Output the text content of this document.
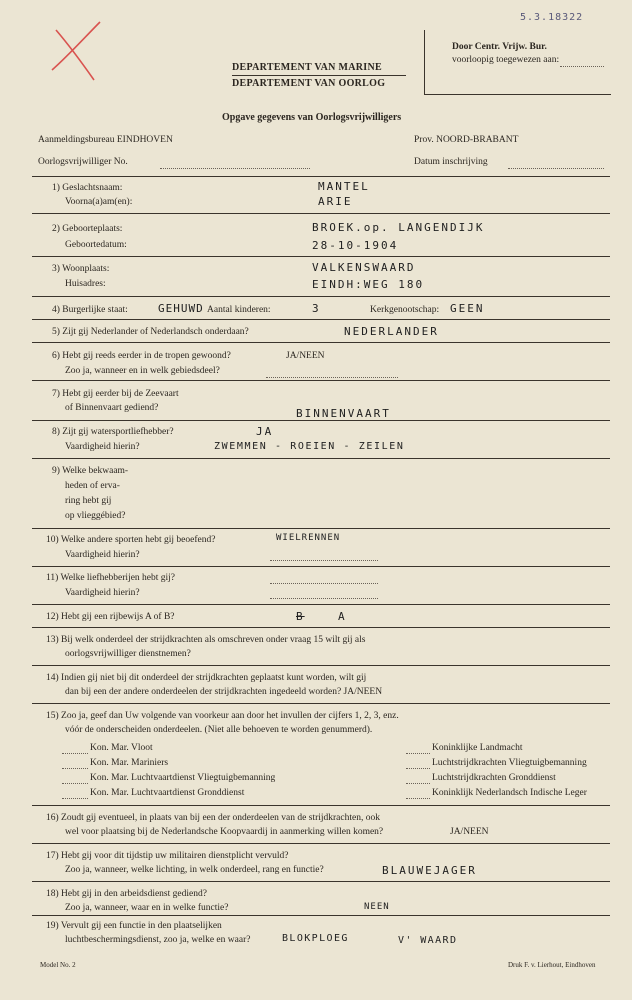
5.3.18322
Door Centr. Vrijw. Bur.
voorloopig toegewezen aan:
DEPARTEMENT VAN MARINE
DEPARTEMENT VAN OORLOG
Opgave gegevens van Oorlogsvrijwilligers
Aanmeldingsbureau EINDHOVEN	Prov. NOORD-BRABANT
Oorlogsvrijwilliger No.	Datum inschrijving
1) Geslachtsnaam:
Voorna(a)am(en):
MANTEL
ARIE
2) Geboorteplaats:
Geboortedatum:
BROEK.op. LANGENDIJK
28-10-1904
3) Woonplaats:
Huisadres:
VALKENSWAARD
EINDH:WEG 180
4) Burgerlijke staat:	GEHUWD Aantal kinderen:	3	Kerkgenootschap: GEEN
5) Zijt gij Nederlander of Nederlandsch onderdaan?	NEDERLANDER
6) Hebt gij reeds eerder in de tropen gewoond?	JA/NEEN
Zoo ja, wanneer en in welk gebiedsdeel?
7) Hebt gij eerder bij de Zeevaart
of Binnenvaart gediend?	BINNENVAART
8) Zijt gij watersportliefhebber?	JA
Vaardigheid hierin?	ZWEMMEN - ROEIEN - ZEILEN
9) Welke bekwaam-
heden of erva-
ring hebt gij
op vlieggébied?
10) Welke andere sporten hebt gij beoefend?	WIELRENNEN
Vaardigheid hierin?
11) Welke liefhebberijen hebt gij?
Vaardigheid hierin?
12) Hebt gij een rijbewijs A of B?	B	A
13) Bij welk onderdeel der strijdkrachten als omschreven onder vraag 15 wilt gij als
oorlogsvrijwilliger dienstnemen?
14) Indien gij niet bij dit onderdeel der strijdkrachten geplaatst kunt worden, wilt gij
dan bij een der andere onderdeelen der strijdkrachten ingedeeld worden? JA/NEEN
15) Zoo ja, geef dan Uw volgende van voorkeur aan door het invullen der cijfers 1, 2, 3, enz.
vóór de onderscheiden onderdeelen. (Niet alle behoeven te worden genummerd).
Kon. Mar. Vloot
Kon. Mar. Mariniers
Kon. Mar. Luchtvaartdienst Vliegtuigbemanning
Kon. Mar. Luchtvaartdienst Gronddienst
Koninklijke Landmacht
Luchtstrijdkrachten Vliegtuigbemanning
Luchtstrijdkrachten Gronddienst
Koninklijk Nederlandsch Indische Leger
16) Zoudt gij eventueel, in plaats van bij een der onderdeelen van de strijdkrachten, ook
wel voor plaatsing bij de Nederlandsche Koopvaardij in aanmerking willen komen?	JA/NEEN
17) Hebt gij voor dit tijdstip uw militairen dienstplicht vervuld?
Zoo ja, wanneer, welke lichting, in welk onderdeel, rang en functie?	BLAUWEJAGER
18) Hebt gij in den arbeidsdienst gediend?
Zoo ja, wanneer, waar en in welke functie?	NEEN
19) Vervult gij een functie in den plaatselijken
luchtbeschermingsdienst, zoo ja, welke en waar?	BLOKPLOEG	V' WAARD
Model No. 2	Druk F. v. Lierhout, Eindhoven
